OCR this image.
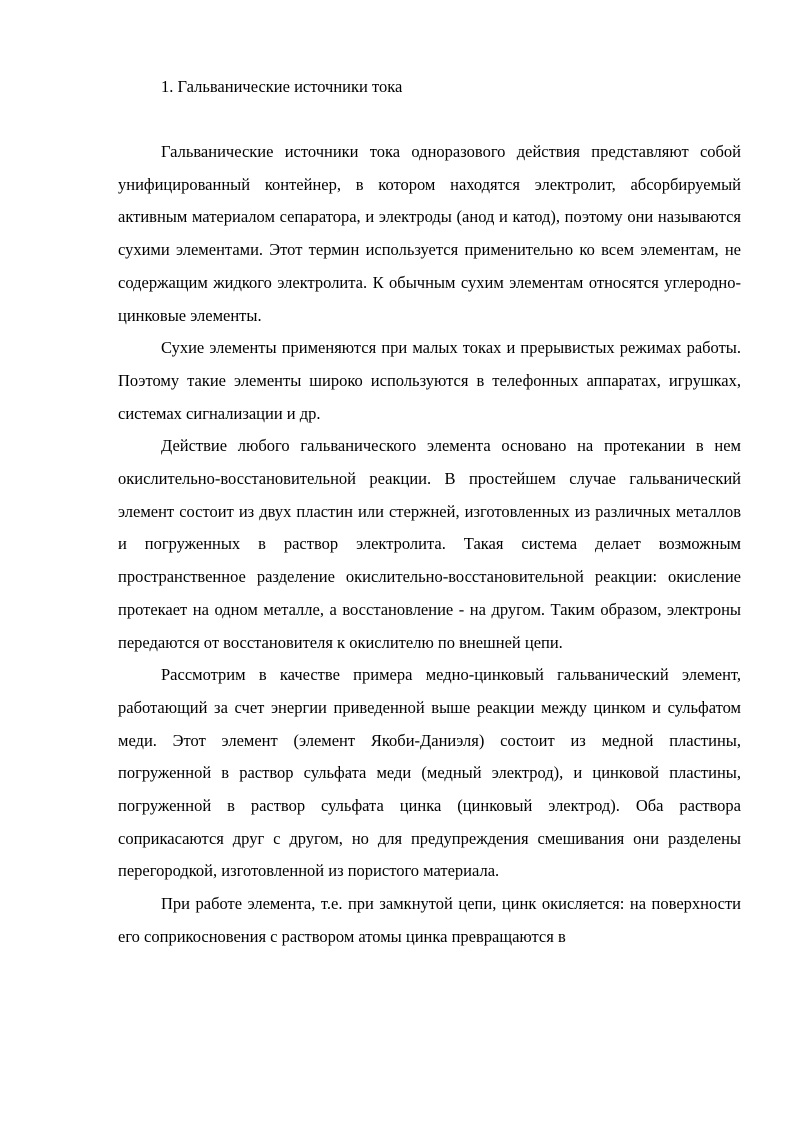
1. Гальванические источники тока

Гальванические источники тока одноразового действия представляют собой унифицированный контейнер, в котором находятся электролит, абсорбируемый активным материалом сепаратора, и электроды (анод и катод), поэтому они называются сухими элементами. Этот термин используется применительно ко всем элементам, не содержащим жидкого электролита. К обычным сухим элементам относятся углеродно-цинковые элементы.

Сухие элементы применяются при малых токах и прерывистых режимах работы. Поэтому такие элементы широко используются в телефонных аппаратах, игрушках, системах сигнализации и др.

Действие любого гальванического элемента основано на протекании в нем окислительно-восстановительной реакции. В простейшем случае гальванический элемент состоит из двух пластин или стержней, изготовленных из различных металлов и погруженных в раствор электролита. Такая система делает возможным пространственное разделение окислительно-восстановительной реакции: окисление протекает на одном металле, а восстановление - на другом. Таким образом, электроны передаются от восстановителя к окислителю по внешней цепи.

Рассмотрим в качестве примера медно-цинковый гальванический элемент, работающий за счет энергии приведенной выше реакции между цинком и сульфатом меди. Этот элемент (элемент Якоби-Даниэля) состоит из медной пластины, погруженной в раствор сульфата меди (медный электрод), и цинковой пластины, погруженной в раствор сульфата цинка (цинковый электрод). Оба раствора соприкасаются друг с другом, но для предупреждения смешивания они разделены перегородкой, изготовленной из пористого материала.

При работе элемента, т.е. при замкнутой цепи, цинк окисляется: на поверхности его соприкосновения с раствором атомы цинка превращаются в
